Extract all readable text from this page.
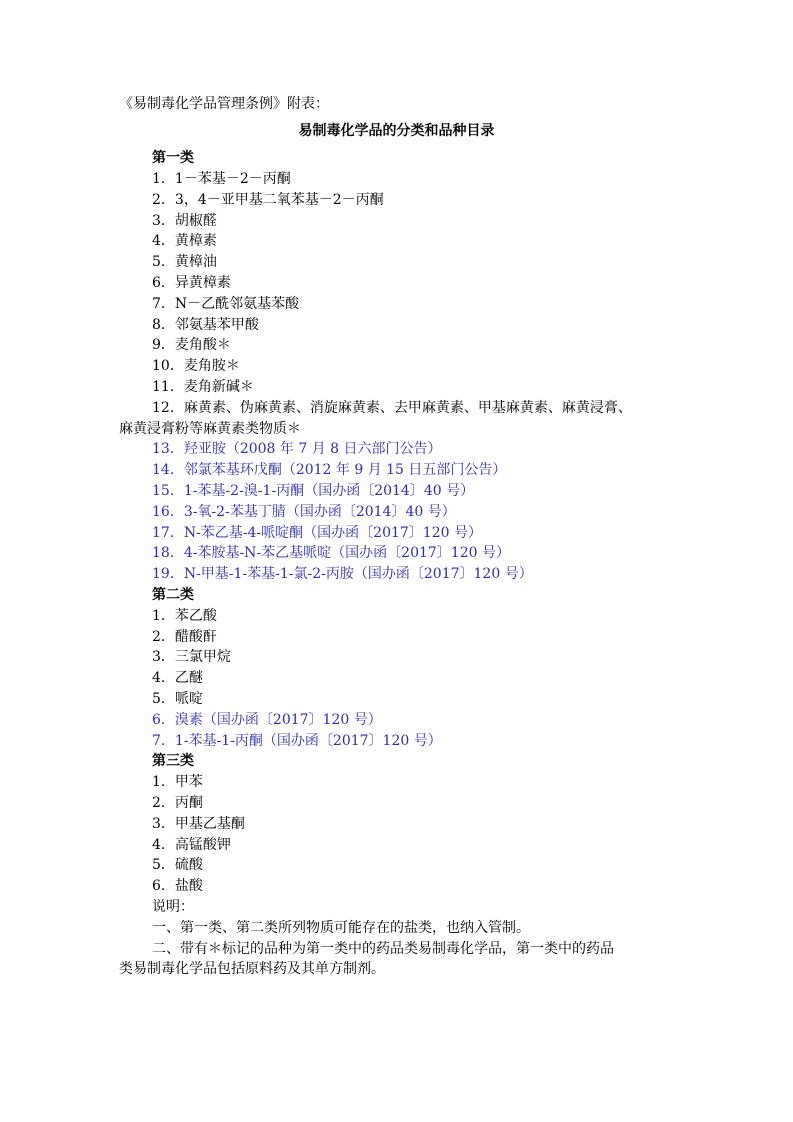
《易制毒化学品管理条例》附表：
易制毒化学品的分类和品种目录
第一类
1．1－苯基－2－丙酮
2．3，4－亚甲基二氧苯基－2－丙酮
3．胡椒醛
4．黄樟素
5．黄樟油
6．异黄樟素
7．N－乙酰邻氨基苯酸
8．邻氨基苯甲酸
9．麦角酸＊
10．麦角胺＊
11．麦角新碱＊
12．麻黄素、伪麻黄素、消旋麻黄素、去甲麻黄素、甲基麻黄素、麻黄浸膏、
麻黄浸膏粉等麻黄素类物质＊
13．羟亚胺（2008 年 7 月 8 日六部门公告）
14．邻氯苯基环戊酮（2012 年 9 月 15 日五部门公告）
15．1-苯基-2-溴-1-丙酮（国办函〔2014〕40 号）
16．3-氧-2-苯基丁腈（国办函〔2014〕40 号）
17．N-苯乙基-4-哌啶酮（国办函〔2017〕120 号）
18．4-苯胺基-N-苯乙基哌啶（国办函〔2017〕120 号）
19．N-甲基-1-苯基-1-氯-2-丙胺（国办函〔2017〕120 号）
第二类
1．苯乙酸
2．醋酸酐
3．三氯甲烷
4．乙醚
5．哌啶
6．溴素（国办函〔2017〕120 号）
7．1-苯基-1-丙酮（国办函〔2017〕120 号）
第三类
1．甲苯
2．丙酮
3．甲基乙基酮
4．高锰酸钾
5．硫酸
6．盐酸
说明：
一、第一类、第二类所列物质可能存在的盐类，也纳入管制。
二、带有＊标记的品种为第一类中的药品类易制毒化学品，第一类中的药品
类易制毒化学品包括原料药及其单方制剂。
